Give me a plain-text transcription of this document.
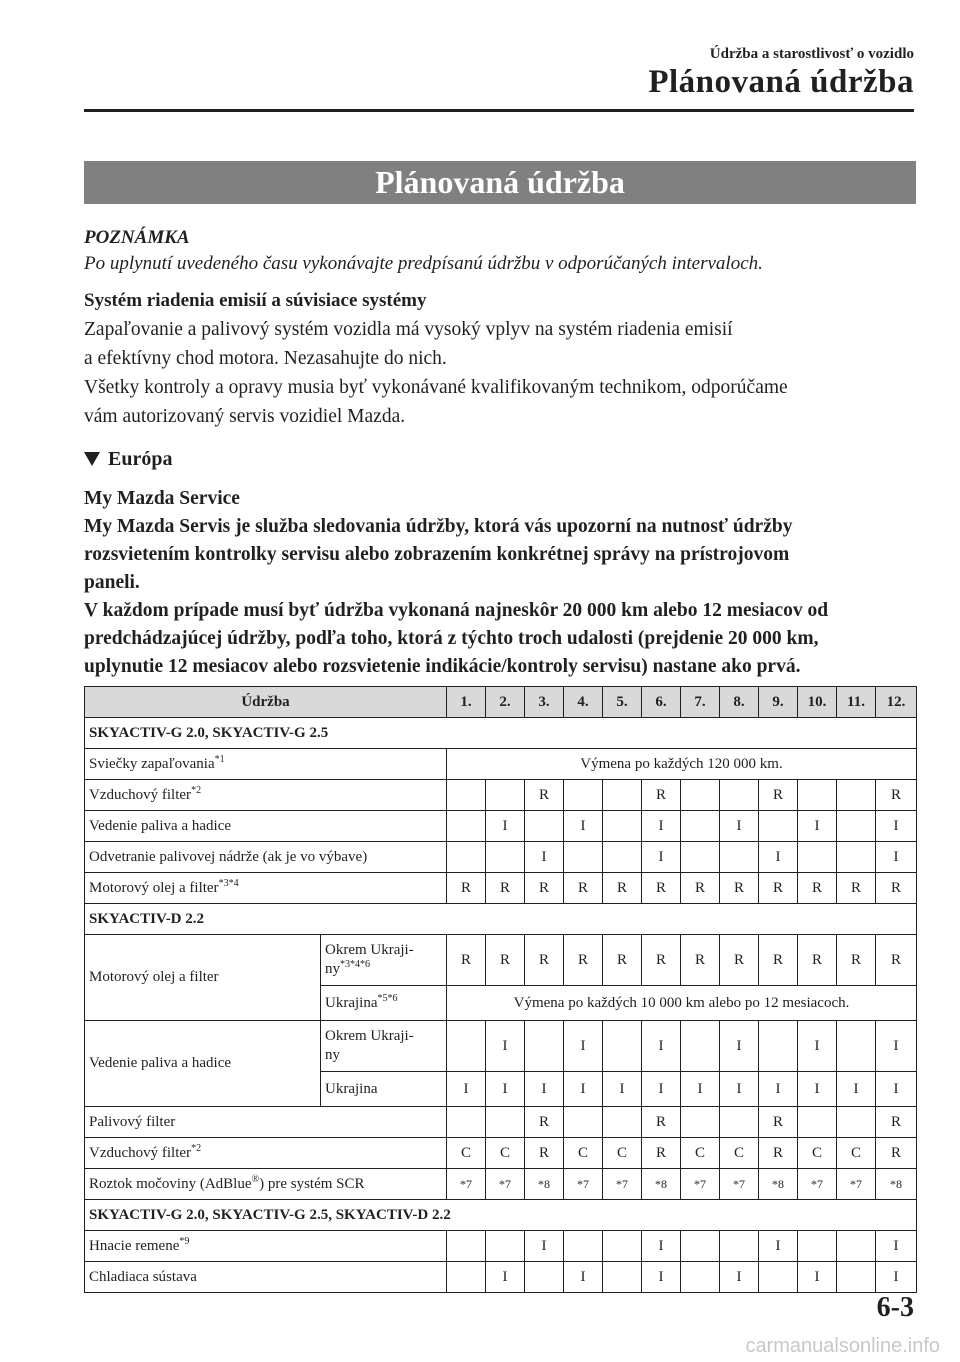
Údržba a starostlivosť o vozidlo
Plánovaná údržba
Plánovaná údržba
POZNÁMKA
Po uplynutí uvedeného času vykonávajte predpísanú údržbu v odporúčaných intervaloch.
Systém riadenia emisií a súvisiace systémy
Zapaľovanie a palivový systém vozidla má vysoký vplyv na systém riadenia emisií
a efektívny chod motora. Nezasahujte do nich.
Všetky kontroly a opravy musia byť vykonávané kvalifikovaným technikom, odporúčame
vám autorizovaný servis vozidiel Mazda.
Európa
My Mazda Service
My Mazda Servis je služba sledovania údržby, ktorá vás upozorní na nutnosť údržby
rozsvietením kontrolky servisu alebo zobrazením konkrétnej správy na prístrojovom
paneli.
V každom prípade musí byť údržba vykonaná najneskôr 20 000 km alebo 12 mesiacov od
predchádzajúcej údržby, podľa toho, ktorá z týchto troch udalosti (prejdenie 20 000 km,
uplynutie 12 mesiacov alebo rozsvietenie indikácie/kontroly servisu) nastane ako prvá.
Údržba		1.	2.	3.	4.	5.	6.	7.	8.	9.	10.	11.	12.
SKYACTIV-G 2.0, SKYACTIV-G 2.5													
Sviečky zapaľovania$^{*1}$		Výmena po každých 120 000 km.											
Vzduchový filter$^{*2}$				R			R			R			R
Vedenie paliva a hadice			I		I		I		I		I		I
Odvetranie palivovej nádrže (ak je vo výbave)				I			I			I			I
Motorový olej a filter$^{*3*4}$		R	R	R	R	R	R	R	R	R	R	R	R
SKYACTIV-D 2.2													
Motorový olej a filter	Okrem Ukraji-
$ny^{*3*4*6}$	R	R	R	R	R	R	R	R	R	R	R	R
	Ukrajina$^{*5*6}$	Výmena po každých 10 000 km alebo po 12 mesiacoch.											
Vedenie paliva a hadice	Okrem Ukraji-
ny		I		I		I		I		I		I
	Ukrajina	I	I	I	I	I	I	I	I	I	I	I	I
Palivový filter				R			R			R			R
Vzduchový filter$^{*2}$		C	C	R	C	C	R	C	C	R	C	C	R
Roztok močoviny (AdBlue®) pre systém SCR		*7	*7	*8	*7	*7	*8	*7	*7	*8	*7	*7	*8
SKYACTIV-G 2.0, SKYACTIV-G 2.5, SKYACTIV-D 2.2													
Hnacie remene$^{*9}$				I			I			I			I
Chladiaca sústava			I		I		I		I		I		I
6-3
carmanualsonline.info
